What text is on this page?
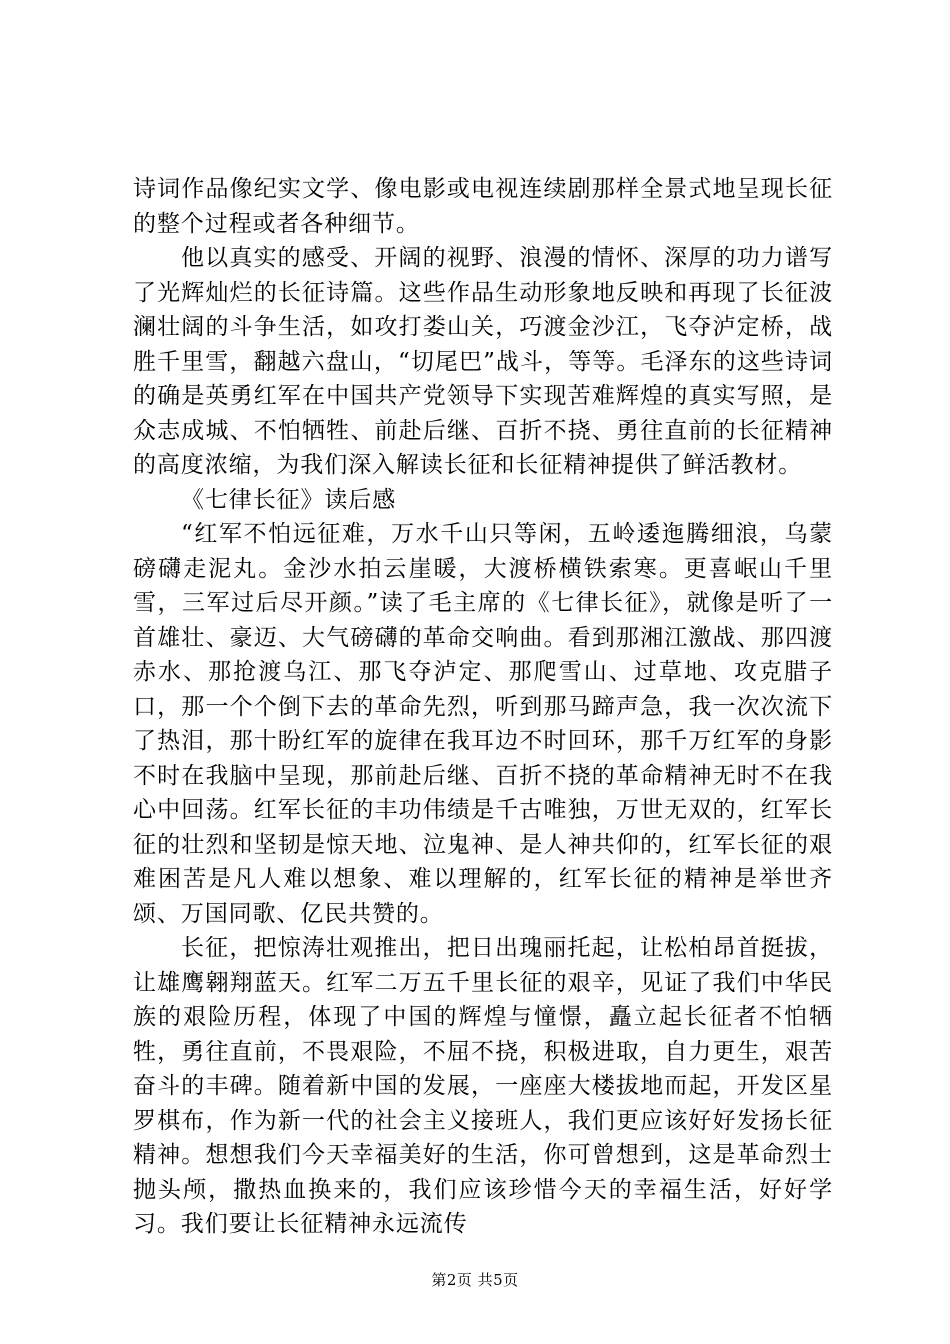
诗词作品像纪实文学、像电影或电视连续剧那样全景式地呈现长征的整个过程或者各种细节。

他以真实的感受、开阔的视野、浪漫的情怀、深厚的功力谱写了光辉灿烂的长征诗篇。这些作品生动形象地反映和再现了长征波澜壮阔的斗争生活，如攻打娄山关，巧渡金沙江，飞夺泸定桥，战胜千里雪，翻越六盘山，“切尾巴”战斗，等等。毛泽东的这些诗词的确是英勇红军在中国共产党领导下实现苦难辉煌的真实写照，是众志成城、不怕牺牲、前赴后继、百折不挠、勇往直前的长征精神的高度浓缩，为我们深入解读长征和长征精神提供了鲜活教材。

《七律长征》读后感

“红军不怕远征难，万水千山只等闲，五岭逶迤腾细浪，乌蒙磅礴走泥丸。金沙水拍云崖暖，大渡桥横铁索寒。更喜岷山千里雪，三军过后尽开颜。”读了毛主席的《七律长征》，就像是听了一首雄壮、豪迈、大气磅礴的革命交响曲。看到那湘江激战、那四渡赤水、那抢渡乌江、那飞夺泸定、那爬雪山、过草地、攻克腊子口，那一个个倒下去的革命先烈，听到那马蹄声急，我一次次流下了热泪，那十盼红军的旋律在我耳边不时回环，那千万红军的身影不时在我脑中呈现，那前赴后继、百折不挠的革命精神无时不在我心中回荡。红军长征的丰功伟绩是千古唯独，万世无双的，红军长征的壮烈和坚韧是惊天地、泣鬼神、是人神共仰的，红军长征的艰难困苦是凡人难以想象、难以理解的，红军长征的精神是举世齐颂、万国同歌、亿民共赞的。

长征，把惊涛壮观推出，把日出瑰丽托起，让松柏昂首挺拔，让雄鹰翱翔蓝天。红军二万五千里长征的艰辛，见证了我们中华民族的艰险历程，体现了中国的辉煌与憧憬，矗立起长征者不怕牺牲，勇往直前，不畏艰险，不屈不挠，积极进取，自力更生，艰苦奋斗的丰碑。随着新中国的发展，一座座大楼拔地而起，开发区星罗棋布，作为新一代的社会主义接班人，我们更应该好好发扬长征精神。想想我们今天幸福美好的生活，你可曾想到，这是革命烈士抛头颅，撒热血换来的，我们应该珍惜今天的幸福生活，好好学习。我们要让长征精神永远流传

第2页 共5页
